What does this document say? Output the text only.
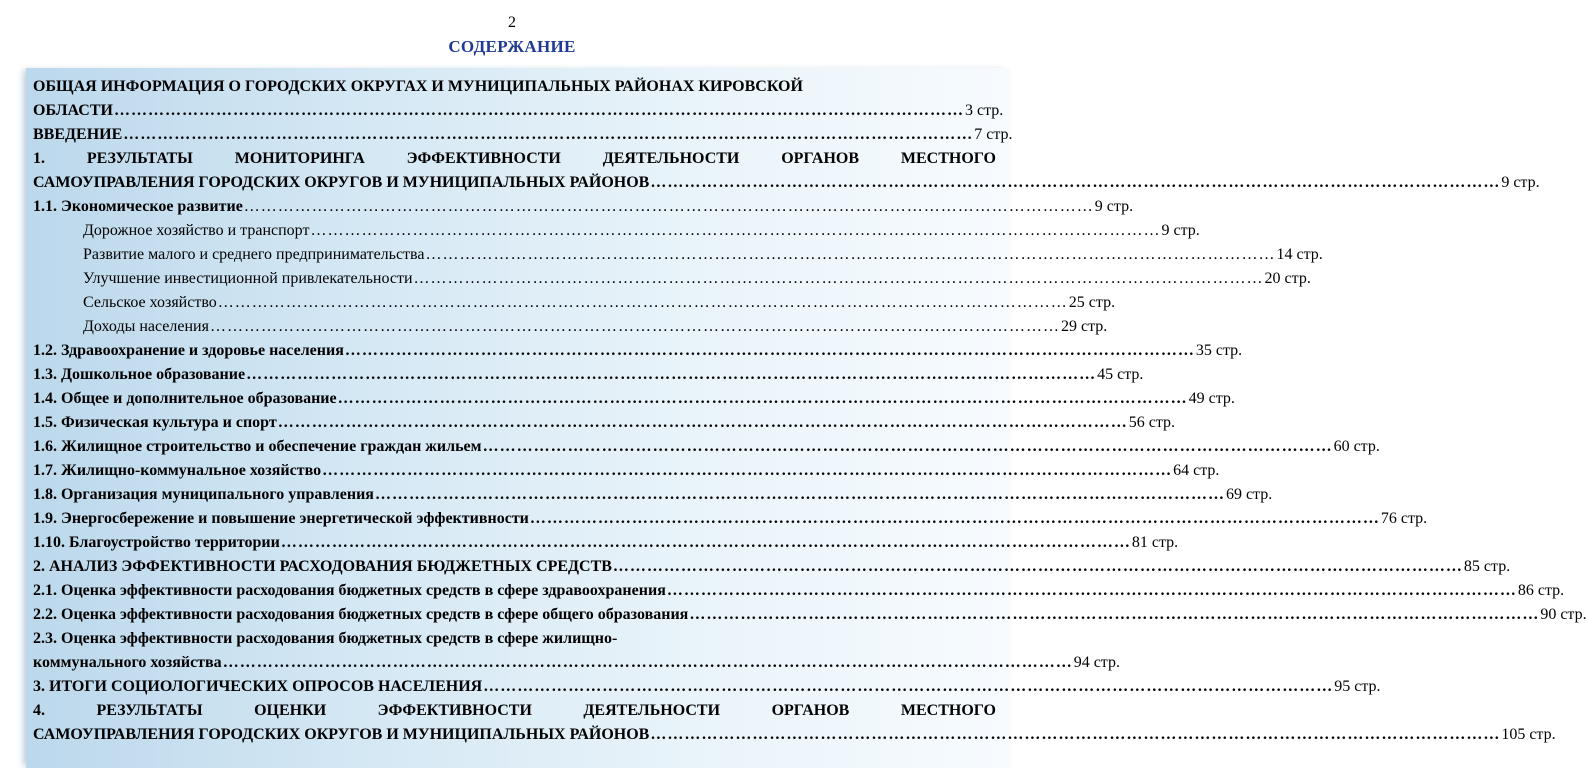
2
СОДЕРЖАНИЕ
ОБЩАЯ ИНФОРМАЦИЯ О ГОРОДСКИХ ОКРУГАХ И МУНИЦИПАЛЬНЫХ РАЙОНАХ КИРОВСКОЙ
ОБЛАСТИ …………………………………………………………………………………………………………………………………… 3 стр.
ВВЕДЕНИЕ …………………………………………………………………………………………………………………………………… 7 стр.
1. РЕЗУЛЬТАТЫ МОНИТОРИНГА ЭФФЕКТИВНОСТИ ДЕЯТЕЛЬНОСТИ ОРГАНОВ МЕСТНОГО
САМОУПРАВЛЕНИЯ ГОРОДСКИХ ОКРУГОВ И МУНИЦИПАЛЬНЫХ РАЙОНОВ …………………………………………………………………………………………………………………………………… 9 стр.
1.1. Экономическое развитие …………………………………………………………………………………………………………………………………… 9 стр.
Дорожное хозяйство и транспорт …………………………………………………………………………………………………………………………………… 9 стр.
Развитие малого и среднего предпринимательства …………………………………………………………………………………………………………………………………… 14 стр.
Улучшение инвестиционной привлекательности …………………………………………………………………………………………………………………………………… 20 стр.
Сельское хозяйство …………………………………………………………………………………………………………………………………… 25 стр.
Доходы населения …………………………………………………………………………………………………………………………………… 29 стр.
1.2. Здравоохранение и здоровье населения …………………………………………………………………………………………………………………………………… 35 стр.
1.3. Дошкольное образование …………………………………………………………………………………………………………………………………… 45 стр.
1.4. Общее и дополнительное образование …………………………………………………………………………………………………………………………………… 49 стр.
1.5. Физическая культура и спорт …………………………………………………………………………………………………………………………………… 56 стр.
1.6. Жилищное строительство и обеспечение граждан жильем …………………………………………………………………………………………………………………………………… 60 стр.
1.7. Жилищно-коммунальное хозяйство …………………………………………………………………………………………………………………………………… 64 стр.
1.8. Организация муниципального управления …………………………………………………………………………………………………………………………………… 69 стр.
1.9. Энергосбережение и повышение энергетической эффективности …………………………………………………………………………………………………………………………………… 76 стр.
1.10. Благоустройство территории …………………………………………………………………………………………………………………………………… 81 стр.
2. АНАЛИЗ ЭФФЕКТИВНОСТИ РАСХОДОВАНИЯ БЮДЖЕТНЫХ СРЕДСТВ …………………………………………………………………………………………………………………………………… 85 стр.
2.1. Оценка эффективности расходования бюджетных средств в сфере здравоохранения …………………………………………………………………………………………………………………………………… 86 стр.
2.2. Оценка эффективности расходования бюджетных средств в сфере общего образования …………………………………………………………………………………………………………………………………… 90 стр.
2.3. Оценка эффективности расходования бюджетных средств в сфере жилищно-
коммунального хозяйства …………………………………………………………………………………………………………………………………… 94 стр.
3. ИТОГИ СОЦИОЛОГИЧЕСКИХ ОПРОСОВ НАСЕЛЕНИЯ …………………………………………………………………………………………………………………………………… 95 стр.
4. РЕЗУЛЬТАТЫ ОЦЕНКИ ЭФФЕКТИВНОСТИ ДЕЯТЕЛЬНОСТИ ОРГАНОВ МЕСТНОГО
САМОУПРАВЛЕНИЯ ГОРОДСКИХ ОКРУГОВ И МУНИЦИПАЛЬНЫХ РАЙОНОВ …………………………………………………………………………………………………………………………………… 105 стр.
